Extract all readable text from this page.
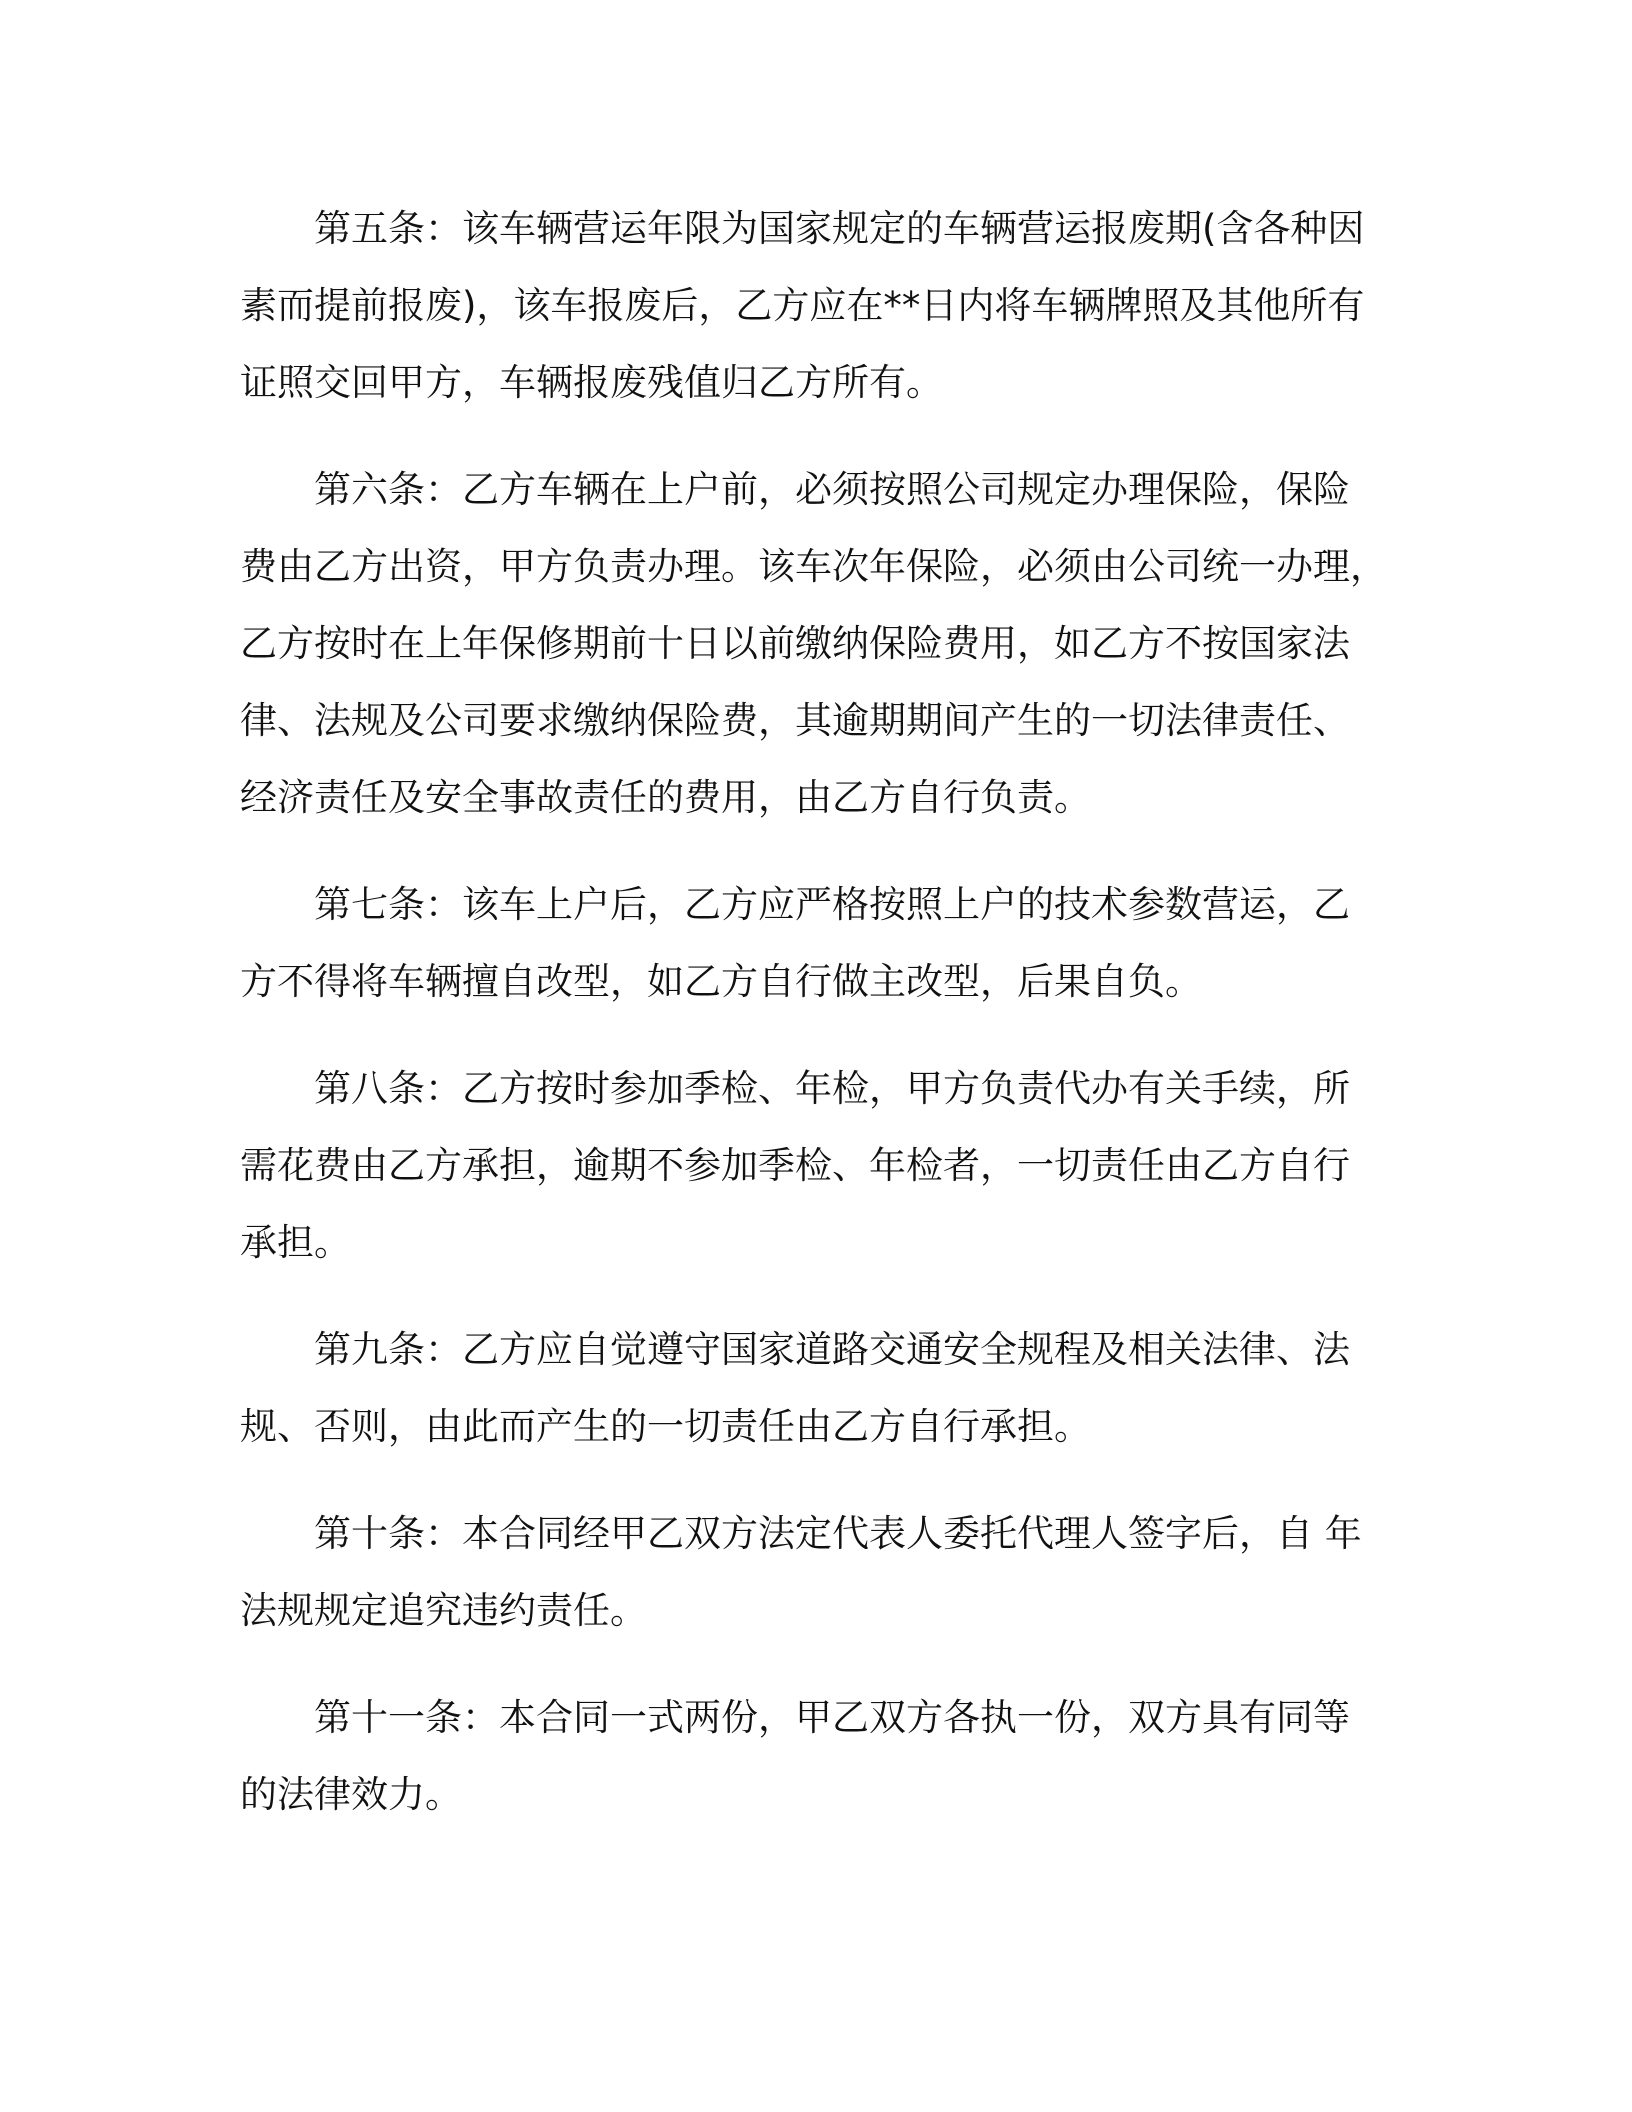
第五条：该车辆营运年限为国家规定的车辆营运报废期(含各种因
素而提前报废)，该车报废后，乙方应在**日内将车辆牌照及其他所有
证照交回甲方，车辆报废残值归乙方所有。
第六条：乙方车辆在上户前，必须按照公司规定办理保险，保险
费由乙方出资，甲方负责办理。该车次年保险，必须由公司统一办理，
乙方按时在上年保修期前十日以前缴纳保险费用，如乙方不按国家法
律、法规及公司要求缴纳保险费，其逾期期间产生的一切法律责任、
经济责任及安全事故责任的费用，由乙方自行负责。
第七条：该车上户后，乙方应严格按照上户的技术参数营运，乙
方不得将车辆擅自改型，如乙方自行做主改型，后果自负。
第八条：乙方按时参加季检、年检，甲方负责代办有关手续，所
需花费由乙方承担，逾期不参加季检、年检者，一切责任由乙方自行
承担。
第九条：乙方应自觉遵守国家道路交通安全规程及相关法律、法
规、否则，由此而产生的一切责任由乙方自行承担。
第十条：本合同经甲乙双方法定代表人委托代理人签字后，自 年
法规规定追究违约责任。
第十一条：本合同一式两份，甲乙双方各执一份，双方具有同等
的法律效力。
